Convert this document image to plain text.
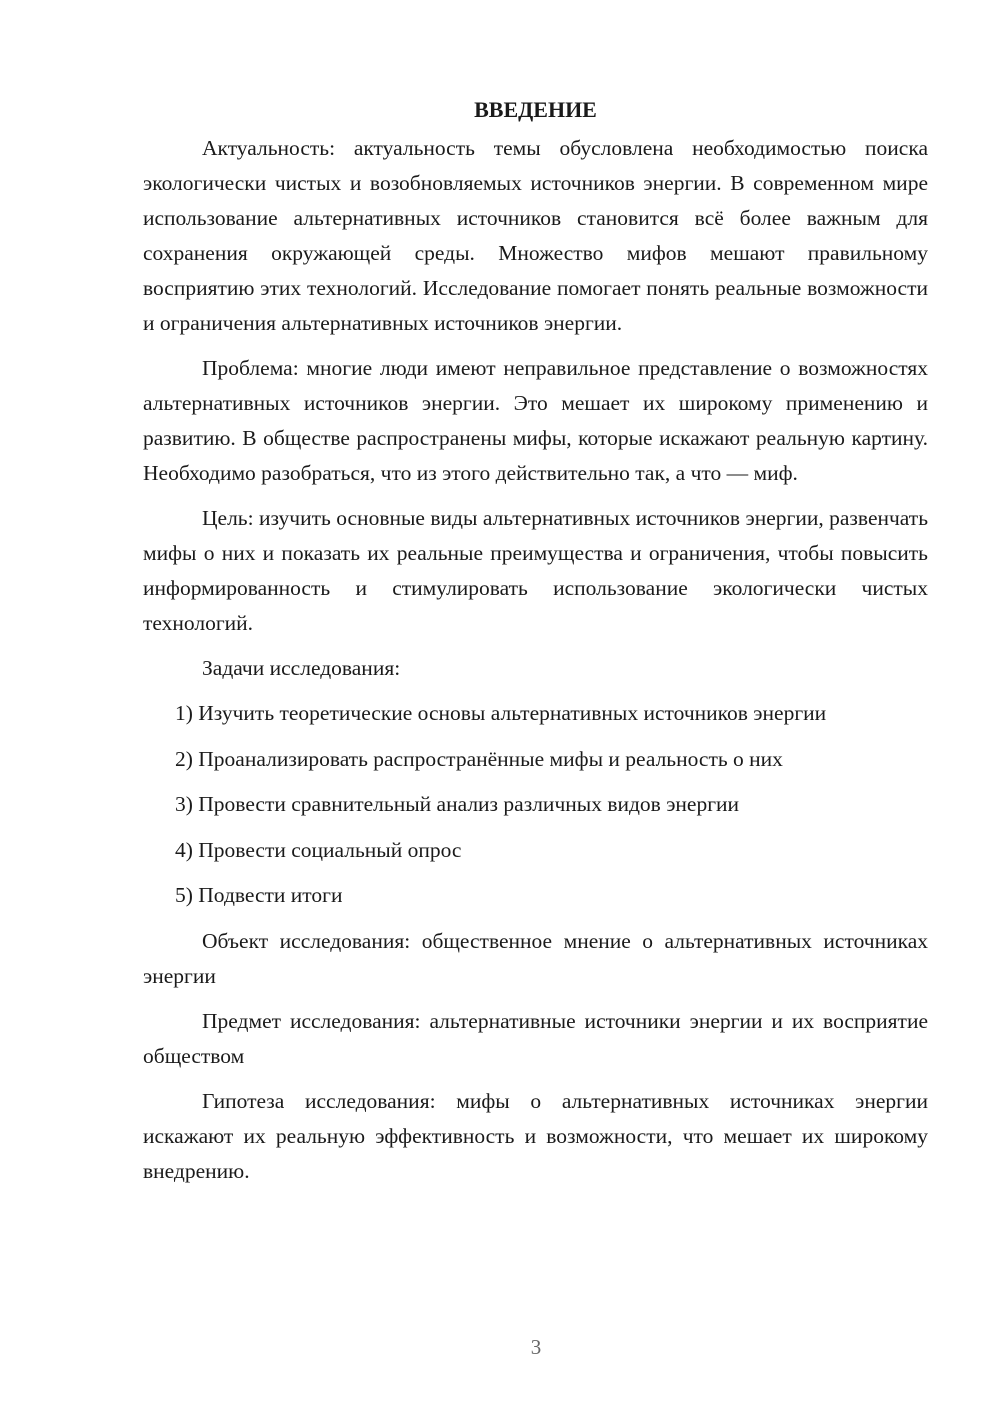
ВВЕДЕНИЕ

Актуальность: актуальность темы обусловлена необходимостью поиска экологически чистых и возобновляемых источников энергии. В современном мире использование альтернативных источников становится всё более важным для сохранения окружающей среды. Множество мифов мешают правильному восприятию этих технологий. Исследование помогает понять реальные возможности и ограничения альтернативных источников энергии.

Проблема: многие люди имеют неправильное представление о возможностях альтернативных источников энергии. Это мешает их широкому применению и развитию. В обществе распространены мифы, которые искажают реальную картину. Необходимо разобраться, что из этого действительно так, а что — миф.

Цель: изучить основные виды альтернативных источников энергии, развенчать мифы о них и показать их реальные преимущества и ограничения, чтобы повысить информированность и стимулировать использование экологически чистых технологий.

Задачи исследования:

1) Изучить теоретические основы альтернативных источников энергии
2) Проанализировать распространённые мифы и реальность о них
3) Провести сравнительный анализ различных видов энергии
4) Провести социальный опрос
5) Подвести итоги

Объект исследования: общественное мнение о альтернативных источниках энергии

Предмет исследования: альтернативные источники энергии и их восприятие обществом

Гипотеза исследования: мифы о альтернативных источниках энергии искажают их реальную эффективность и возможности, что мешает их широкому внедрению.

3
